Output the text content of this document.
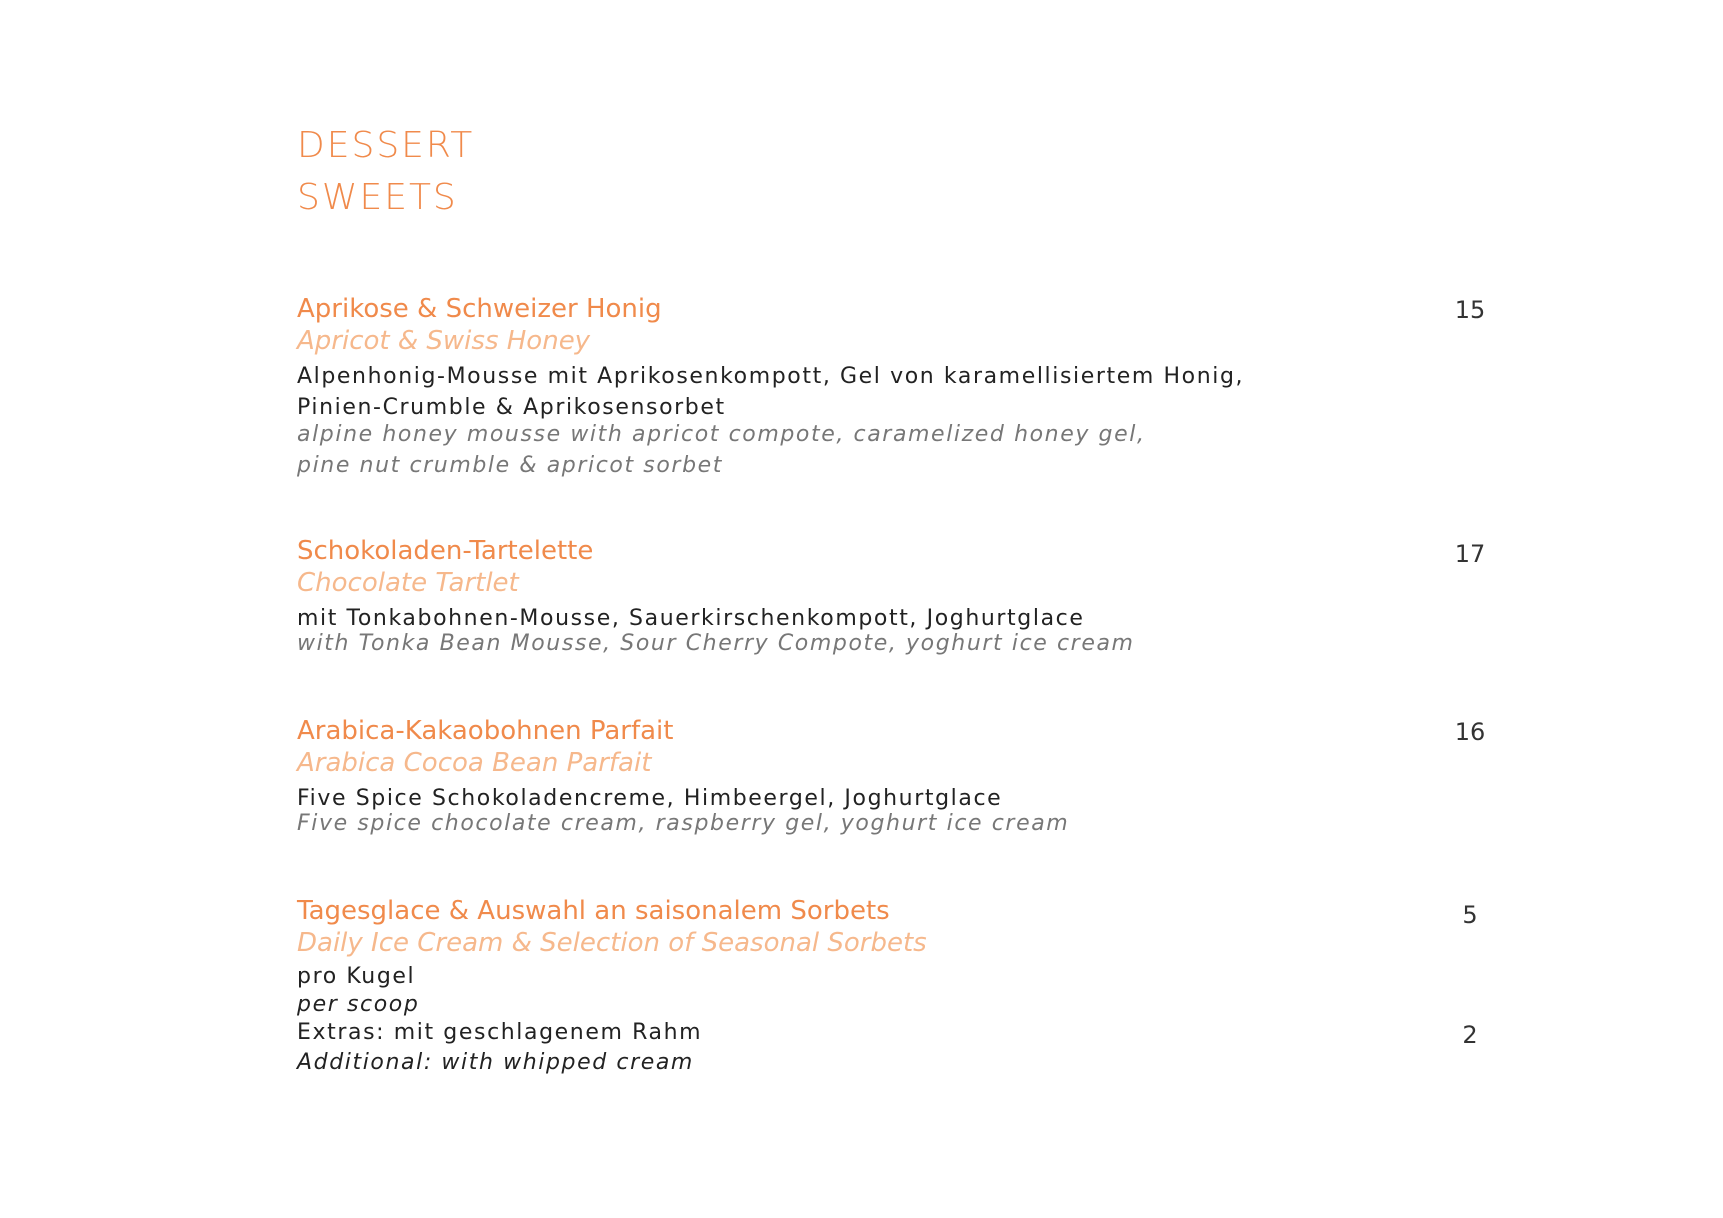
DESSERT
SWEETS
Aprikose & Schweizer Honig
Apricot & Swiss Honey
Alpenhonig-Mousse mit Aprikosenkompott, Gel von karamellisiertem Honig,
Pinien-Crumble & Aprikosensorbet
alpine honey mousse with apricot compote, caramelized honey gel,
pine nut crumble & apricot sorbet
15
Schokoladen-Tartelette
Chocolate Tartlet
mit Tonkabohnen-Mousse, Sauerkirschenkompott, Joghurtglace
with Tonka Bean Mousse, Sour Cherry Compote, yoghurt ice cream
17
Arabica-Kakaobohnen Parfait
Arabica Cocoa Bean Parfait
Five Spice Schokoladencreme, Himbeergel, Joghurtglace
Five spice chocolate cream, raspberry gel, yoghurt ice cream
16
Tagesglace & Auswahl an saisonalem Sorbets
Daily Ice Cream & Selection of Seasonal Sorbets
pro Kugel
per scoop
Extras: mit geschlagenem Rahm
Additional: with whipped cream
5
2
